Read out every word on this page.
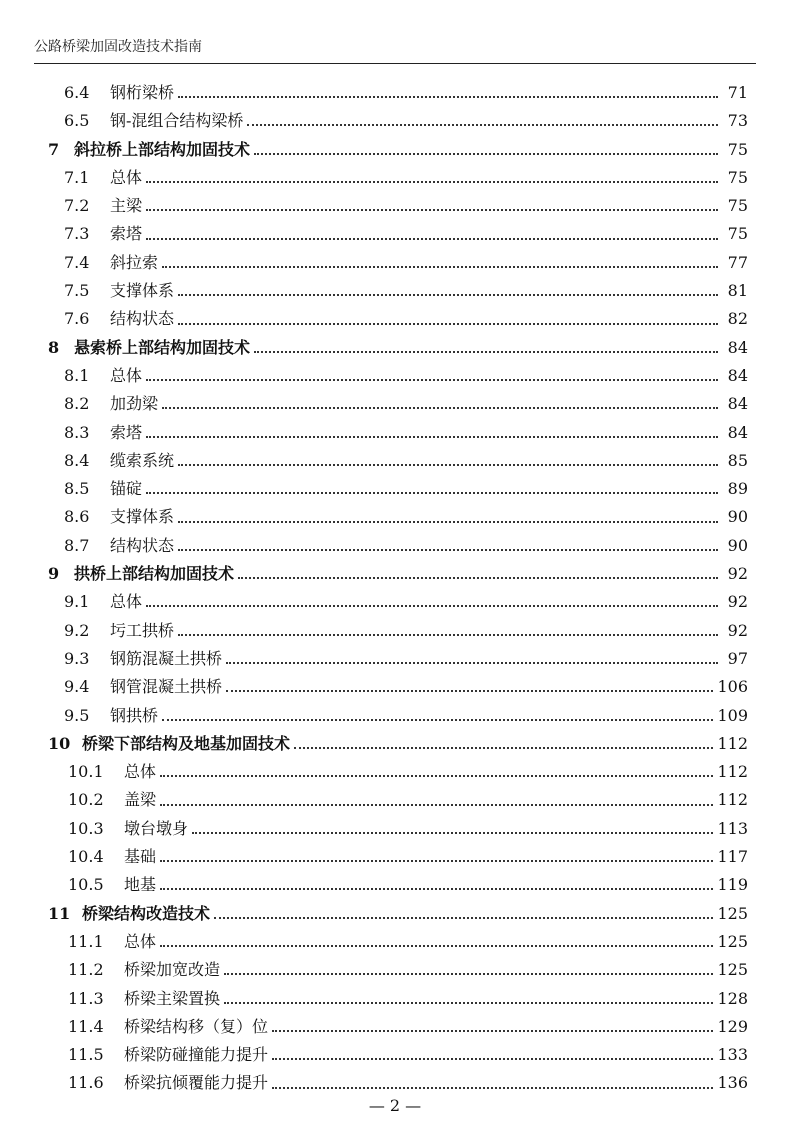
公路桥梁加固改造技术指南
6.4	钢桁梁桥	71
6.5	钢-混组合结构梁桥	73
7 斜拉桥上部结构加固技术	75
7.1	总体	75
7.2	主梁	75
7.3	索塔	75
7.4	斜拉索	77
7.5	支撑体系	81
7.6	结构状态	82
8 悬索桥上部结构加固技术	84
8.1	总体	84
8.2	加劲梁	84
8.3	索塔	84
8.4	缆索系统	85
8.5	锚碇	89
8.6	支撑体系	90
8.7	结构状态	90
9 拱桥上部结构加固技术	92
9.1	总体	92
9.2	圬工拱桥	92
9.3	钢筋混凝土拱桥	97
9.4	钢管混凝土拱桥	106
9.5	钢拱桥	109
10 桥梁下部结构及地基加固技术	112
10.1	总体	112
10.2	盖梁	112
10.3	墩台墩身	113
10.4	基础	117
10.5	地基	119
11 桥梁结构改造技术	125
11.1	总体	125
11.2	桥梁加宽改造	125
11.3	桥梁主梁置换	128
11.4	桥梁结构移（复）位	129
11.5	桥梁防碰撞能力提升	133
11.6	桥梁抗倾覆能力提升	136
— 2 —
